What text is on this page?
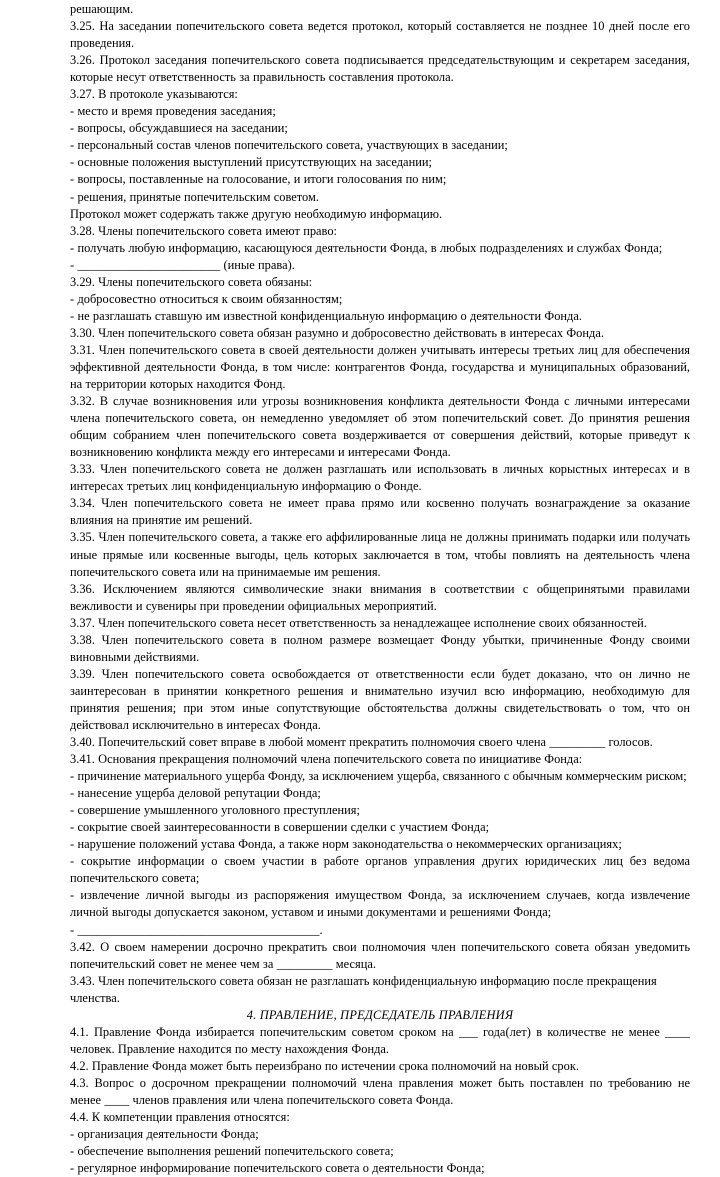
решающим.

3.25. На заседании попечительского совета ведется протокол, который составляется не позднее 10 дней после его проведения.

3.26. Протокол заседания попечительского совета подписывается председательствующим и секретарем заседания, которые несут ответственность за правильность составления протокола.

3.27. В протоколе указываются:

- место и время проведения заседания;

- вопросы, обсуждавшиеся на заседании;

- персональный состав членов попечительского совета, участвующих в заседании;

- основные положения выступлений присутствующих на заседании;

- вопросы, поставленные на голосование, и итоги голосования по ним;

- решения, принятые попечительским советом.

Протокол может содержать также другую необходимую информацию.

3.28. Члены попечительского совета имеют право:

- получать любую информацию, касающуюся деятельности Фонда, в любых подразделениях и службах Фонда;

- _______________________ (иные права).

3.29. Члены попечительского совета обязаны:

- добросовестно относиться к своим обязанностям;

- не разглашать ставшую им известной конфиденциальную информацию о деятельности Фонда.

3.30. Член попечительского совета обязан разумно и добросовестно действовать в интересах Фонда.

3.31. Член попечительского совета в своей деятельности должен учитывать интересы третьих лиц для обеспечения эффективной деятельности Фонда, в том числе: контрагентов Фонда, государства и муниципальных образований, на территории которых находится Фонд.

3.32. В случае возникновения или угрозы возникновения конфликта деятельности Фонда с личными интересами члена попечительского совета, он немедленно уведомляет об этом попечительский совет. До принятия решения общим собранием член попечительского совета воздерживается от совершения действий, которые приведут к возникновению конфликта между его интересами и интересами Фонда.

3.33. Член попечительского совета не должен разглашать или использовать в личных корыстных интересах и в интересах третьих лиц конфиденциальную информацию о Фонде.

3.34. Член попечительского совета не имеет права прямо или косвенно получать вознаграждение за оказание влияния на принятие им решений.

3.35. Член попечительского совета, а также его аффилированные лица не должны принимать подарки или получать иные прямые или косвенные выгоды, цель которых заключается в том, чтобы повлиять на деятельность члена попечительского совета или на принимаемые им решения.

3.36. Исключением являются символические знаки внимания в соответствии с общепринятыми правилами вежливости и сувениры при проведении официальных мероприятий.

3.37. Член попечительского совета несет ответственность за ненадлежащее исполнение своих обязанностей.

3.38. Член попечительского совета в полном размере возмещает Фонду убытки, причиненные Фонду своими виновными действиями.

3.39. Член попечительского совета освобождается от ответственности если будет доказано, что он лично не заинтересован в принятии конкретного решения и внимательно изучил всю информацию, необходимую для принятия решения; при этом иные сопутствующие обстоятельства должны свидетельствовать о том, что он действовал исключительно в интересах Фонда.

3.40. Попечительский совет вправе в любой момент прекратить полномочия своего члена _________ голосов.

3.41. Основания прекращения полномочий члена попечительского совета по инициативе Фонда:

- причинение материального ущерба Фонду, за исключением ущерба, связанного с обычным коммерческим риском;

- нанесение ущерба деловой репутации Фонда;

- совершение умышленного уголовного преступления;

- сокрытие своей заинтересованности в совершении сделки с участием Фонда;

- нарушение положений устава Фонда, а также норм законодательства о некоммерческих организациях;

- сокрытие информации о своем участии в работе органов управления других юридических лиц без ведома попечительского совета;

- извлечение личной выгоды из распоряжения имуществом Фонда, за исключением случаев, когда извлечение личной выгоды допускается законом, уставом и иными документами и решениями Фонда;

- _______________________________________.

3.42. О своем намерении досрочно прекратить свои полномочия член попечительского совета обязан уведомить попечительский совет не менее чем за _________ месяца.

3.43. Член попечительского совета обязан не разглашать конфиденциальную информацию после прекращения членства.

4. ПРАВЛЕНИЕ, ПРЕДСЕДАТЕЛЬ ПРАВЛЕНИЯ

4.1. Правление Фонда избирается попечительским советом сроком на ___ года(лет) в количестве не менее ____ человек. Правление находится по месту нахождения Фонда.

4.2. Правление Фонда может быть переизбрано по истечении срока полномочий на новый срок.

4.3. Вопрос о досрочном прекращении полномочий члена правления может быть поставлен по требованию не менее ____ членов правления или члена попечительского совета Фонда.

4.4. К компетенции правления относятся:

- организация деятельности Фонда;

- обеспечение выполнения решений попечительского совета;

- регулярное информирование попечительского совета о деятельности Фонда;
